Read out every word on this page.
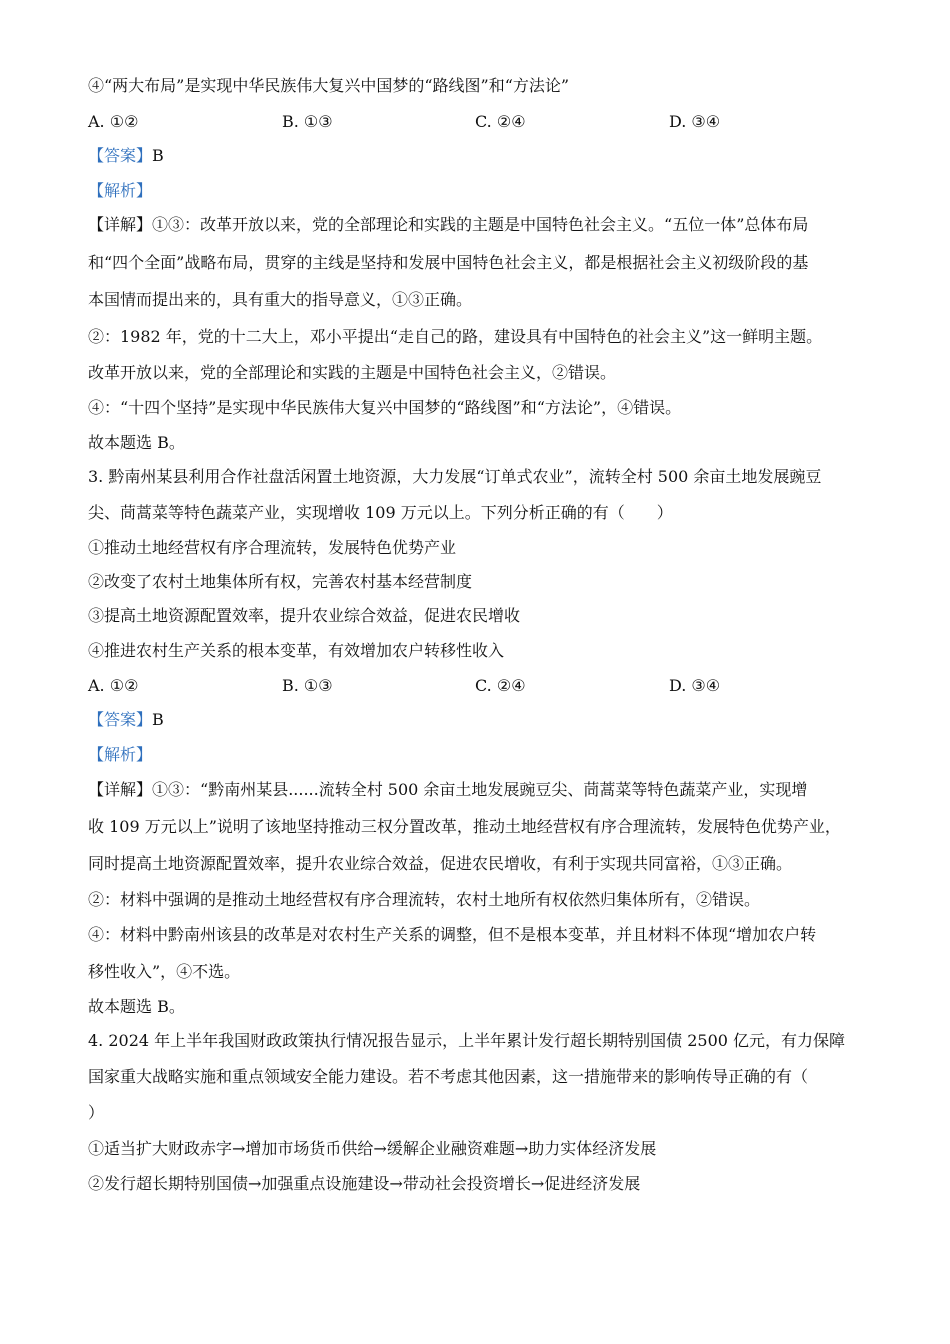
④“两大布局”是实现中华民族伟大复兴中国梦的“路线图”和“方法论”
A. ①②	B. ①③	C. ②④	D. ③④
【答案】B
【解析】
【详解】①③：改革开放以来，党的全部理论和实践的主题是中国特色社会主义。“五位一体”总体布局
和“四个全面”战略布局，贯穿的主线是坚持和发展中国特色社会主义，都是根据社会主义初级阶段的基
本国情而提出来的，具有重大的指导意义，①③正确。
②：1982 年，党的十二大上，邓小平提出“走自己的路，建设具有中国特色的社会主义”这一鲜明主题。
改革开放以来，党的全部理论和实践的主题是中国特色社会主义，②错误。
④：“十四个坚持”是实现中华民族伟大复兴中国梦的“路线图”和“方法论”，④错误。
故本题选 B。
3. 黔南州某县利用合作社盘活闲置土地资源，大力发展“订单式农业”，流转全村 500 余亩土地发展豌豆
尖、茼蒿菜等特色蔬菜产业，实现增收 109 万元以上。下列分析正确的有（　　）
①推动土地经营权有序合理流转，发展特色优势产业
②改变了农村土地集体所有权，完善农村基本经营制度
③提高土地资源配置效率，提升农业综合效益，促进农民增收
④推进农村生产关系的根本变革，有效增加农户转移性收入
A. ①②	B. ①③	C. ②④	D. ③④
【答案】B
【解析】
【详解】①③：“黔南州某县......流转全村 500 余亩土地发展豌豆尖、茼蒿菜等特色蔬菜产业，实现增
收 109 万元以上”说明了该地坚持推动三权分置改革，推动土地经营权有序合理流转，发展特色优势产业，
同时提高土地资源配置效率，提升农业综合效益，促进农民增收，有利于实现共同富裕，①③正确。
②：材料中强调的是推动土地经营权有序合理流转，农村土地所有权依然归集体所有，②错误。
④：材料中黔南州该县的改革是对农村生产关系的调整，但不是根本变革，并且材料不体现“增加农户转
移性收入”，④不选。
故本题选 B。
4. 2024 年上半年我国财政政策执行情况报告显示，上半年累计发行超长期特别国债 2500 亿元，有力保障
国家重大战略实施和重点领域安全能力建设。若不考虑其他因素，这一措施带来的影响传导正确的有（
）
①适当扩大财政赤字→增加市场货币供给→缓解企业融资难题→助力实体经济发展
②发行超长期特别国债→加强重点设施建设→带动社会投资增长→促进经济发展
